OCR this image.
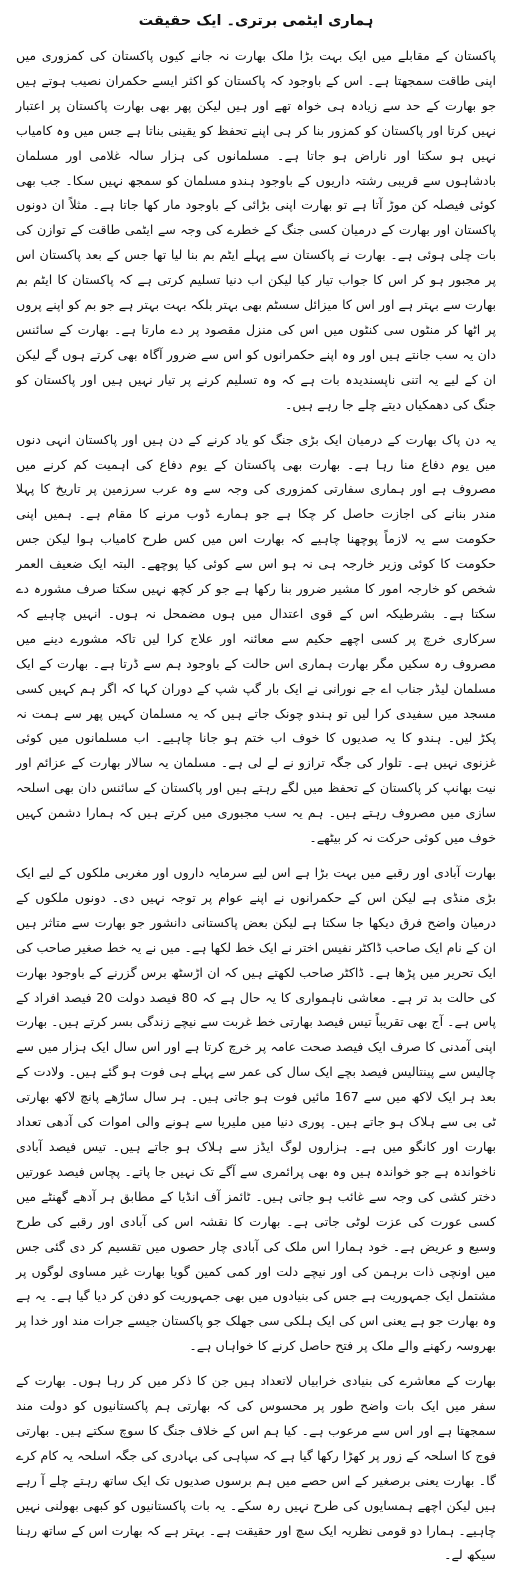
ہماری ایٹمی برتری۔ ایک حقیقت

پاکستان کے مقابلے میں ایک بہت بڑا ملک بھارت نہ جانے کیوں پاکستان کی کمزوری میں اپنی طاقت سمجھتا ہے۔ اس کے باوجود کہ پاکستان کو اکثر ایسے حکمران نصیب ہوتے ہیں جو بھارت کے حد سے زیادہ ہی خواہ تھے اور ہیں لیکن پھر بھی بھارت پاکستان پر اعتبار نہیں کرتا اور پاکستان کو کمزور بنا کر ہی اپنے تحفظ کو یقینی بناتا ہے جس میں وہ کامیاب نہیں ہو سکتا اور ناراض ہو جاتا ہے۔ مسلمانوں کی ہزار سالہ غلامی اور مسلمان بادشاہوں سے قریبی رشتہ داریوں کے باوجود ہندو مسلمان کو سمجھ نہیں سکا۔ جب بھی کوئی فیصلہ کن موڑ آتا ہے تو بھارت اپنی بڑائی کے باوجود مار کھا جاتا ہے۔ مثلاً ان دونوں پاکستان اور بھارت کے درمیان کسی جنگ کے خطرے کی وجہ سے ایٹمی طاقت کے توازن کی بات چلی ہوئی ہے۔ بھارت نے پاکستان سے پہلے ایٹم بم بنا لیا تھا جس کے بعد پاکستان اس پر مجبور ہو کر اس کا جواب تیار کیا لیکن اب دنیا تسلیم کرتی ہے کہ پاکستان کا ایٹم بم بھارت سے بہتر ہے اور اس کا میزائل سسٹم بھی بہتر بلکہ بہت بہتر ہے جو بم کو اپنے پروں پر اٹھا کر منٹوں سی کنٹوں میں اس کی منزل مقصود پر دے مارتا ہے۔ بھارت کے سائنس دان یہ سب جانتے ہیں اور وہ اپنے حکمرانوں کو اس سے ضرور آگاہ بھی کرتے ہوں گے لیکن ان کے لیے یہ اتنی ناپسندیدہ بات ہے کہ وہ تسلیم کرنے پر تیار نہیں ہیں اور پاکستان کو جنگ کی دھمکیاں دیتے چلے جا رہے ہیں۔

یہ دن پاک بھارت کے درمیان ایک بڑی جنگ کو یاد کرنے کے دن ہیں اور پاکستان انہی دنوں میں یوم دفاع منا رہا ہے۔ بھارت بھی پاکستان کے یوم دفاع کی اہمیت کم کرنے میں مصروف ہے اور ہماری سفارتی کمزوری کی وجہ سے وہ عرب سرزمین پر تاریخ کا پہلا مندر بنانے کی اجازت حاصل کر چکا ہے جو ہمارے ڈوب مرنے کا مقام ہے۔ ہمیں اپنی حکومت سے یہ لازماً پوچھنا چاہیے کہ بھارت اس میں کس طرح کامیاب ہوا لیکن جس حکومت کا کوئی وزیر خارجہ ہی نہ ہو اس سے کوئی کیا پوچھے۔ البتہ ایک ضعیف العمر شخص کو خارجہ امور کا مشیر ضرور بنا رکھا ہے جو کر کچھ نہیں سکتا صرف مشورہ دے سکتا ہے۔ بشرطیکہ اس کے قوی اعتدال میں ہوں مضمحل نہ ہوں۔ انہیں چاہیے کہ سرکاری خرچ پر کسی اچھے حکیم سے معائنہ اور علاج کرا لیں تاکہ مشورے دینے میں مصروف رہ سکیں مگر بھارت ہماری اس حالت کے باوجود ہم سے ڈرتا ہے۔ بھارت کے ایک مسلمان لیڈر جناب اے جے نورانی نے ایک بار گپ شپ کے دوران کہا کہ اگر ہم کہیں کسی مسجد میں سفیدی کرا لیں تو ہندو چونک جاتے ہیں کہ یہ مسلمان کہیں پھر سے ہمت نہ پکڑ لیں۔ ہندو کا یہ صدیوں کا خوف اب ختم ہو جانا چاہیے۔ اب مسلمانوں میں کوئی غزنوی نہیں ہے۔ تلوار کی جگہ ترازو نے لے لی ہے۔ مسلمان یہ سالار بھارت کے عزائم اور نیت بھانپ کر پاکستان کے تحفظ میں لگے رہتے ہیں اور پاکستان کے سائنس دان بھی اسلحہ سازی میں مصروف رہتے ہیں۔ ہم یہ سب مجبوری میں کرتے ہیں کہ ہمارا دشمن کہیں خوف میں کوئی حرکت نہ کر بیٹھے۔

بھارت آبادی اور رقبے میں بہت بڑا ہے اس لیے سرمایہ داروں اور مغربی ملکوں کے لیے ایک بڑی منڈی ہے لیکن اس کے حکمرانوں نے اپنے عوام پر توجہ نہیں دی۔ دونوں ملکوں کے درمیان واضح فرق دیکھا جا سکتا ہے لیکن بعض پاکستانی دانشور جو بھارت سے متاثر ہیں ان کے نام ایک صاحب ڈاکٹر نفیس اختر نے ایک خط لکھا ہے۔ میں نے یہ خط صغیر صاحب کی ایک تحریر میں پڑھا ہے۔ ڈاکٹر صاحب لکھتے ہیں کہ ان اڑسٹھ برس گزرنے کے باوجود بھارت کی حالت بد تر ہے۔ معاشی ناہمواری کا یہ حال ہے کہ 80 فیصد دولت 20 فیصد افراد کے پاس ہے۔ آج بھی تقریباً تیس فیصد بھارتی خط غربت سے نیچے زندگی بسر کرتے ہیں۔ بھارت اپنی آمدنی کا صرف ایک فیصد صحت عامہ پر خرچ کرتا ہے اور اس سال ایک ہزار میں سے چالیس سے پینتالیس فیصد بچے ایک سال کی عمر سے پہلے ہی فوت ہو گئے ہیں۔ ولادت کے بعد ہر ایک لاکھ میں سے 167 مائیں فوت ہو جاتی ہیں۔ ہر سال ساڑھے پانچ لاکھ بھارتی ٹی بی سے ہلاک ہو جاتے ہیں۔ پوری دنیا میں ملیریا سے ہونے والی اموات کی آدھی تعداد بھارت اور کانگو میں ہے۔ ہزاروں لوگ ایڈز سے ہلاک ہو جاتے ہیں۔ تیس فیصد آبادی ناخواندہ ہے جو خواندہ ہیں وہ بھی پرائمری سے آگے تک نہیں جا پاتے۔ پچاس فیصد عورتیں دختر کشی کی وجہ سے غائب ہو جاتی ہیں۔ ٹائمز آف انڈیا کے مطابق ہر آدھے گھنٹے میں کسی عورت کی عزت لوٹی جاتی ہے۔ بھارت کا نقشہ اس کی آبادی اور رقبے کی طرح وسیع و عریض ہے۔ خود ہمارا اس ملک کی آبادی چار حصوں میں تقسیم کر دی گئی جس میں اونچی ذات برہمن کی اور نیچے دلت اور کمی کمین گویا بھارت غیر مساوی لوگوں پر مشتمل ایک جمہوریت ہے جس کی بنیادوں میں بھی جمہوریت کو دفن کر دیا گیا ہے۔ یہ ہے وہ بھارت جو ہے یعنی اس کی ایک ہلکی سی جھلک جو پاکستان جیسے جرات مند اور خدا پر بھروسہ رکھنے والے ملک پر فتح حاصل کرنے کا خواہاں ہے۔

بھارت کے معاشرے کی بنیادی خرابیاں لاتعداد ہیں جن کا ذکر میں کر رہا ہوں۔ بھارت کے سفر میں ایک بات واضح طور پر محسوس کی کہ بھارتی ہم پاکستانیوں کو دولت مند سمجھتا ہے اور اس سے مرعوب ہے۔ کیا ہم اس کے خلاف جنگ کا سوچ سکتے ہیں۔ بھارتی فوج کا اسلحہ کے زور پر کھڑا رکھا گیا ہے کہ سپاہی کی بہادری کی جگہ اسلحہ یہ کام کرے گا۔ بھارت یعنی برصغیر کے اس حصے میں ہم برسوں صدیوں تک ایک ساتھ رہتے چلے آ رہے ہیں لیکن اچھے ہمسایوں کی طرح نہیں رہ سکے۔ یہ بات پاکستانیوں کو کبھی بھولنی نہیں چاہیے۔ ہمارا دو قومی نظریہ ایک سچ اور حقیقت ہے۔ بہتر ہے کہ بھارت اس کے ساتھ رہنا سیکھ لے۔
